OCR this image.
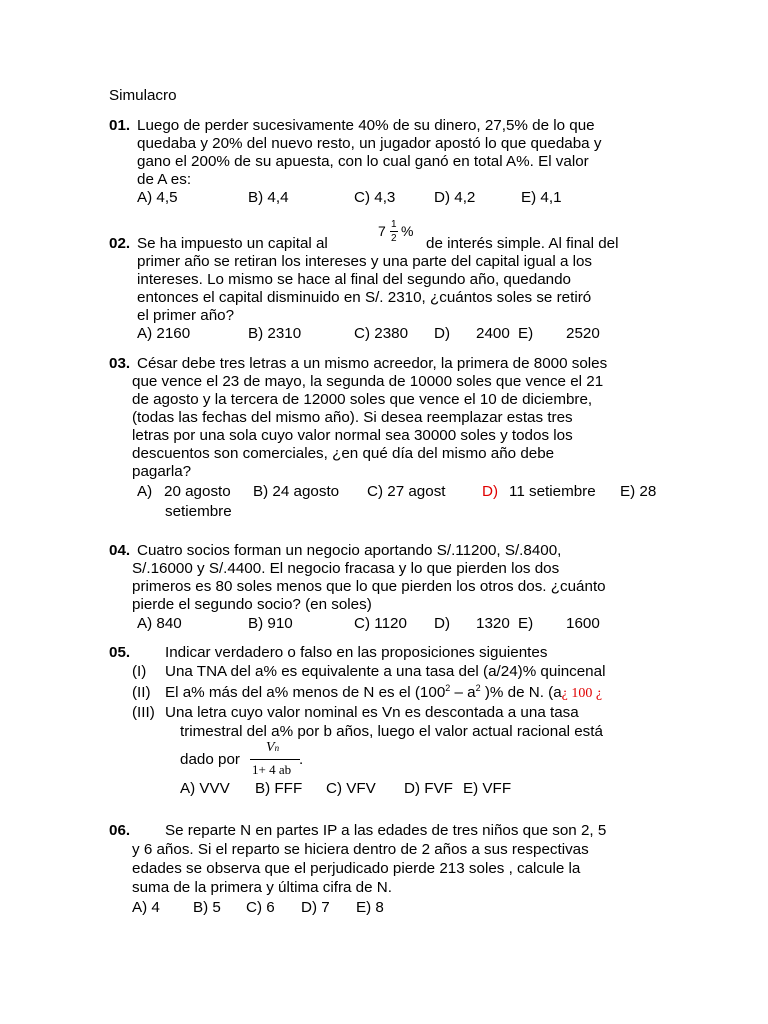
Simulacro
01. Luego de perder sucesivamente 40% de su dinero, 27,5% de lo que
quedaba y 20% del nuevo resto, un jugador apostó lo que quedaba y
gano el 200% de su apuesta, con lo cual ganó en total A%. El valor
de A es:
A) 4,5	B) 4,4	C) 4,3	D) 4,2	E) 4,1
7 1
2 %
02. Se ha impuesto un capital al	de interés simple. Al final del
primer año se retiran los intereses y una parte del capital igual a los
intereses. Lo mismo se hace al final del segundo año, quedando
entonces el capital disminuido en S/. 2310, ¿cuántos soles se retiró
el primer año?
A) 2160	B) 2310	C) 2380 D) 2400 E) 2520
03. César debe tres letras a un mismo acreedor, la primera de 8000 soles
que vence el 23 de mayo, la segunda de 10000 soles que vence el 21
de agosto y la tercera de 12000 soles que vence el 10 de diciembre,
(todas las fechas del mismo año). Si desea reemplazar estas tres
letras por una sola cuyo valor normal sea 30000 soles y todos los
descuentos son comerciales, ¿en qué día del mismo año debe
pagarla?
A) 20 agosto B) 24 agosto C) 27 agost D) 11 setiembre E) 28
setiembre
04. Cuatro socios forman un negocio aportando S/.11200, S/.8400,
S/.16000 y S/.4400. El negocio fracasa y lo que pierden los dos
primeros es 80 soles menos que lo que pierden los otros dos. ¿cuánto
pierde el segundo socio? (en soles)
A) 840	B) 910	C) 1120 D) 1320 E) 1600
05. Indicar verdadero o falso en las proposiciones siguientes
(I) Una TNA del a% es equivalente a una tasa del (a/24)% quincenal
(II) El a% más del a% menos de N es el ($100^2 - a^2$ )% de N. (a¿ 100 ¿
(III) Una letra cuyo valor nominal es Vn es descontada a una tasa
trimestral del a% por b años, luego el valor actual racional está
dado por
Vn
1+ 4 ab
.
A) VVV B) FFF C) VFV D) FVF E) VFF
06. Se reparte N en partes IP a las edades de tres niños que son 2, 5
y 6 años. Si el reparto se hiciera dentro de 2 años a sus respectivas
edades se observa que el perjudicado pierde 213 soles , calcule la
suma de la primera y última cifra de N.
A) 4 B) 5 C) 6 D) 7 E) 8
